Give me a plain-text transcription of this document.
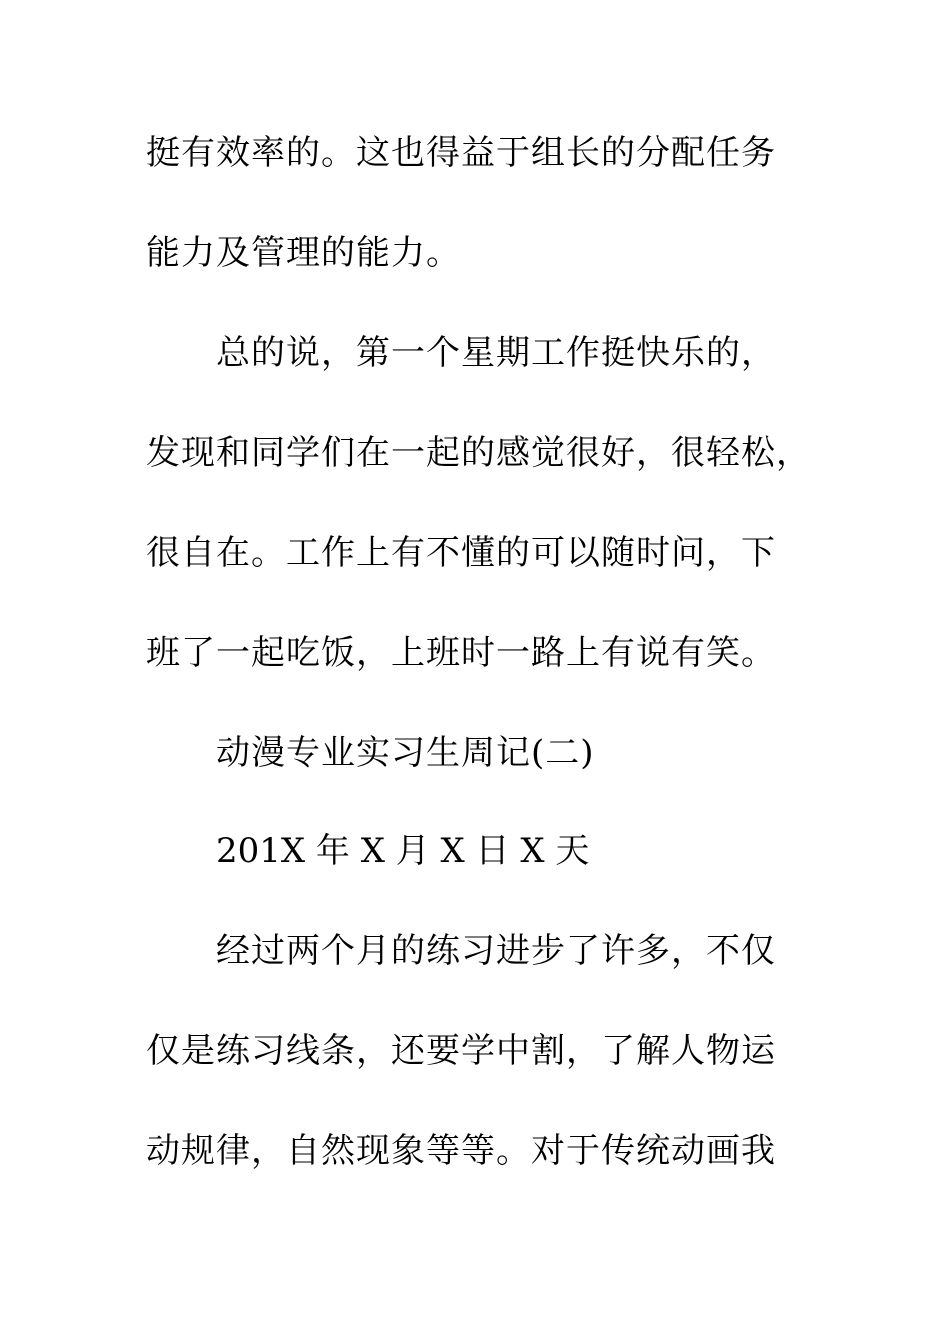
挺有效率的。这也得益于组长的分配任务
能力及管理的能力。
总的说，第一个星期工作挺快乐的，
发现和同学们在一起的感觉很好，很轻松，
很自在。工作上有不懂的可以随时问，下
班了一起吃饭，上班时一路上有说有笑。
动漫专业实习生周记(二)
201X 年 X 月 X 日 X 天
经过两个月的练习进步了许多，不仅
仅是练习线条，还要学中割，了解人物运
动规律，自然现象等等。对于传统动画我
